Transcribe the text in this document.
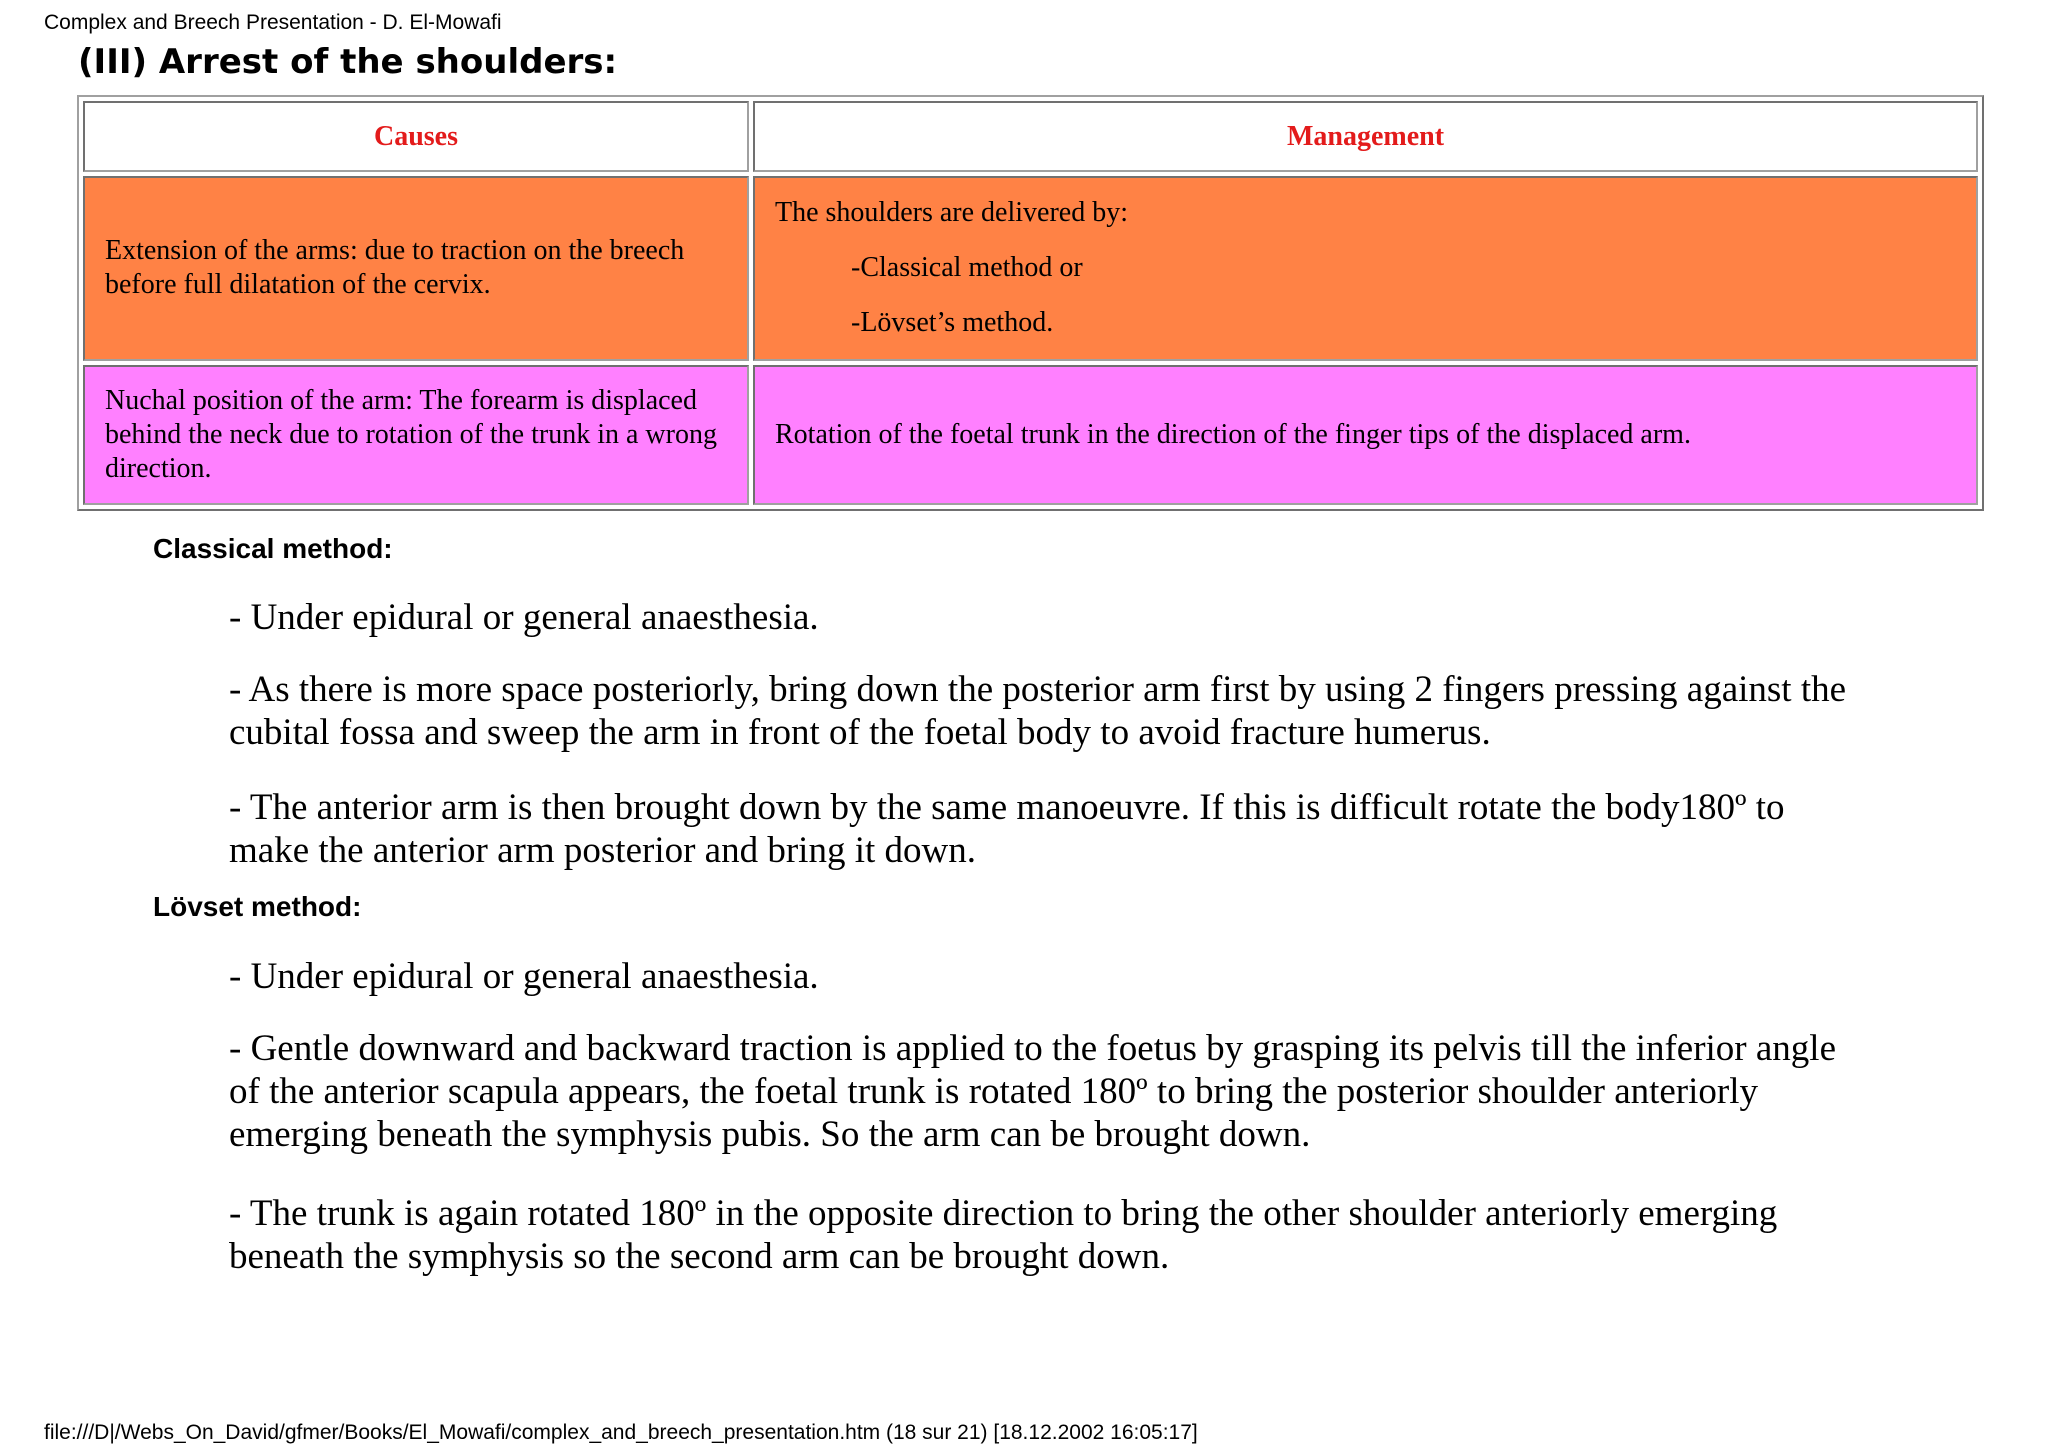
Complex and Breech Presentation - D. El-Mowafi
(III) Arrest of the shoulders:
Causes	Management

Extension of the arms: due to traction on the breech before full dilatation of the cervix.	The shoulders are delivered by:

-Classical method or

-Lövset’s method.

Nuchal position of the arm: The forearm is displaced behind the neck due to rotation of the trunk in a wrong direction.	Rotation of the foetal trunk in the direction of the finger tips of the displaced arm.
Classical method:

- Under epidural or general anaesthesia.

- As there is more space posteriorly, bring down the posterior arm first by using 2 fingers pressing against the cubital fossa and sweep the arm in front of the foetal body to avoid fracture humerus.

- The anterior arm is then brought down by the same manoeuvre. If this is difficult rotate the body180º to make the anterior arm posterior and bring it down.

Lövset method:

- Under epidural or general anaesthesia.

- Gentle downward and backward traction is applied to the foetus by grasping its pelvis till the inferior angle of the anterior scapula appears, the foetal trunk is rotated 180º to bring the posterior shoulder anteriorly emerging beneath the symphysis pubis. So the arm can be brought down.

- The trunk is again rotated 180º in the opposite direction to bring the other shoulder anteriorly emerging beneath the symphysis so the second arm can be brought down.

file:///D|/Webs_On_David/gfmer/Books/El_Mowafi/complex_and_breech_presentation.htm (18 sur 21) [18.12.2002 16:05:17]
